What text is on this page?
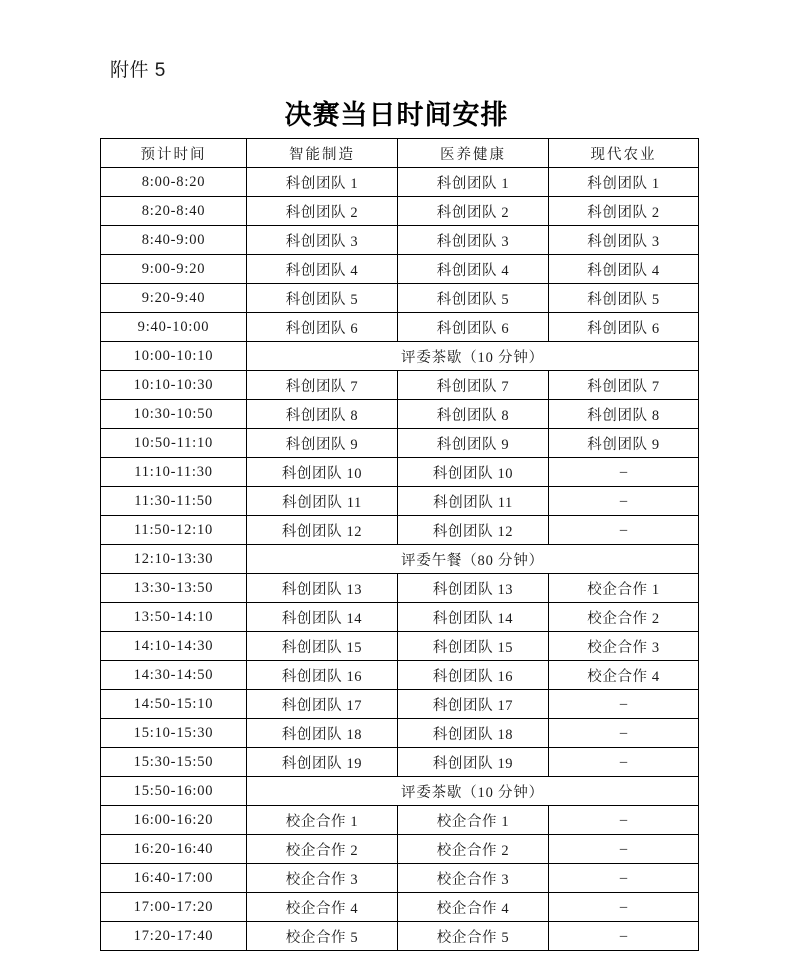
附件 5
决赛当日时间安排
预计时间	智能制造	医养健康	现代农业
8:00-8:20	科创团队 1	科创团队 1	科创团队 1
8:20-8:40	科创团队 2	科创团队 2	科创团队 2
8:40-9:00	科创团队 3	科创团队 3	科创团队 3
9:00-9:20	科创团队 4	科创团队 4	科创团队 4
9:20-9:40	科创团队 5	科创团队 5	科创团队 5
9:40-10:00	科创团队 6	科创团队 6	科创团队 6
10:00-10:10	评委茶歇（10 分钟）		
10:10-10:30	科创团队 7	科创团队 7	科创团队 7
10:30-10:50	科创团队 8	科创团队 8	科创团队 8
10:50-11:10	科创团队 9	科创团队 9	科创团队 9
11:10-11:30	科创团队 10	科创团队 10	–
11:30-11:50	科创团队 11	科创团队 11	–
11:50-12:10	科创团队 12	科创团队 12	–
12:10-13:30	评委午餐（80 分钟）		
13:30-13:50	科创团队 13	科创团队 13	校企合作 1
13:50-14:10	科创团队 14	科创团队 14	校企合作 2
14:10-14:30	科创团队 15	科创团队 15	校企合作 3
14:30-14:50	科创团队 16	科创团队 16	校企合作 4
14:50-15:10	科创团队 17	科创团队 17	–
15:10-15:30	科创团队 18	科创团队 18	–
15:30-15:50	科创团队 19	科创团队 19	–
15:50-16:00	评委茶歇（10 分钟）		
16:00-16:20	校企合作 1	校企合作 1	–
16:20-16:40	校企合作 2	校企合作 2	–
16:40-17:00	校企合作 3	校企合作 3	–
17:00-17:20	校企合作 4	校企合作 4	–
17:20-17:40	校企合作 5	校企合作 5	–
